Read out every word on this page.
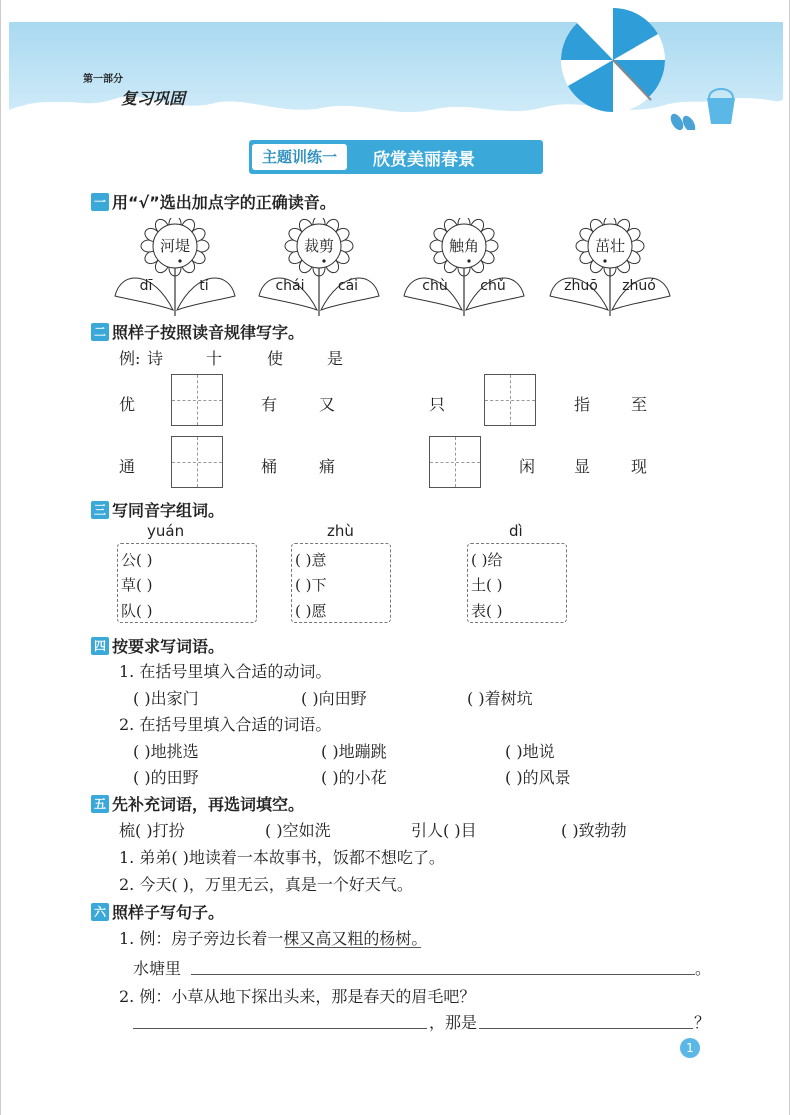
第一部分
复习巩固
主题训练一	欣赏美丽春景
一 用“√”选出加点字的正确读音。
河堤
dī	tí
裁剪
chái	cái
触角
chù	chǔ
茁壮
zhuō	zhuó
二 照样子按照读音规律写字。
例: 诗	十	使	是
优	有	又	只	指	至
通	桶	痛	闲 显	现
三 写同音字组词。
yuán
公( )
草( )
队( )
zhù
( )意
( )下
( )愿
dì
( )给
土( )
表( )
四 按要求写词语。
1. 在括号里填入合适的动词。
( )出家门	( )向田野	( )着树坑
2. 在括号里填入合适的词语。
( )地挑选	( )地蹦跳	( )地说
( )的田野	( )的小花	( )的风景
五 先补充词语，再选词填空。
梳( )打扮	( )空如洗	引人( )目	( )致勃勃
1. 弟弟( )地读着一本故事书，饭都不想吃了。
2. 今天( )，万里无云，真是一个好天气。
六 照样子写句子。
1. 例：房子旁边长着一棵又高又粗的杨树。
水塘里	。
2. 例：小草从地下探出头来，那是春天的眉毛吧？
，那是	？
1
